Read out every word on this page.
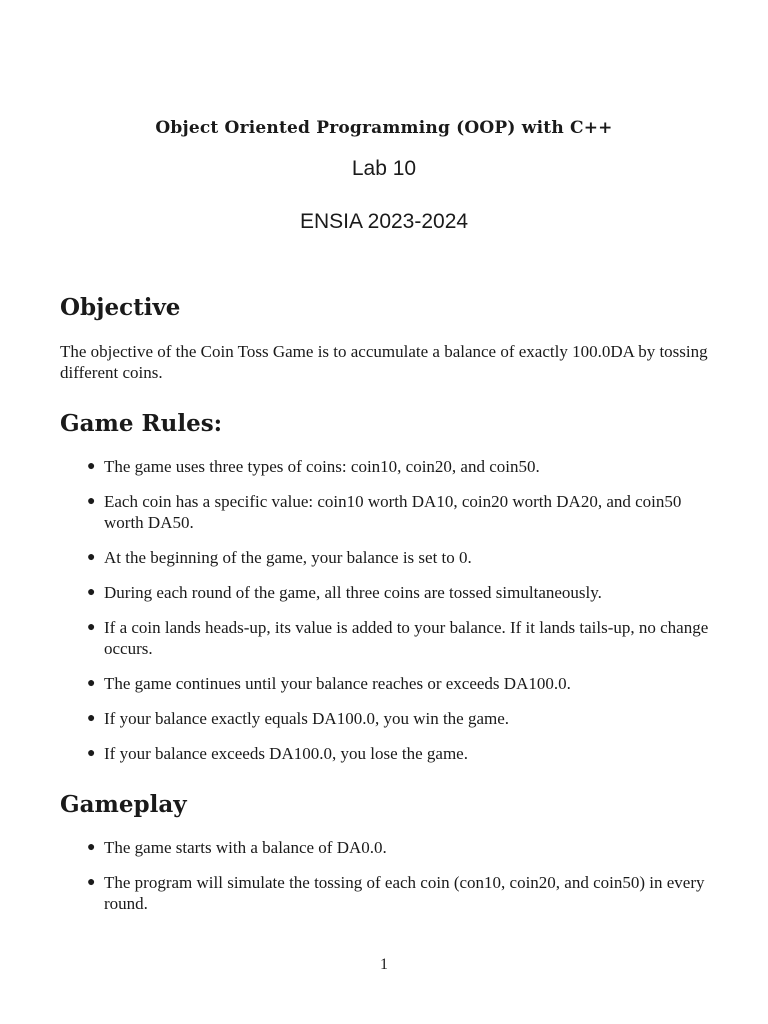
Object Oriented Programming (OOP) with C++
Lab 10
ENSIA 2023-2024
Objective

The objective of the Coin Toss Game is to accumulate a balance of exactly 100.0DA by tossing different coins.

Game Rules:
● The game uses three types of coins: coin10, coin20, and coin50.
● Each coin has a specific value: coin10 worth DA10, coin20 worth DA20, and coin50 worth DA50.
● At the beginning of the game, your balance is set to 0.
● During each round of the game, all three coins are tossed simultaneously.
● If a coin lands heads-up, its value is added to your balance. If it lands tails-up, no change occurs.
● The game continues until your balance reaches or exceeds DA100.0.
● If your balance exactly equals DA100.0, you win the game.
● If your balance exceeds DA100.0, you lose the game.
Gameplay
● The game starts with a balance of DA0.0.
● The program will simulate the tossing of each coin (con10, coin20, and coin50) in every round.
1
